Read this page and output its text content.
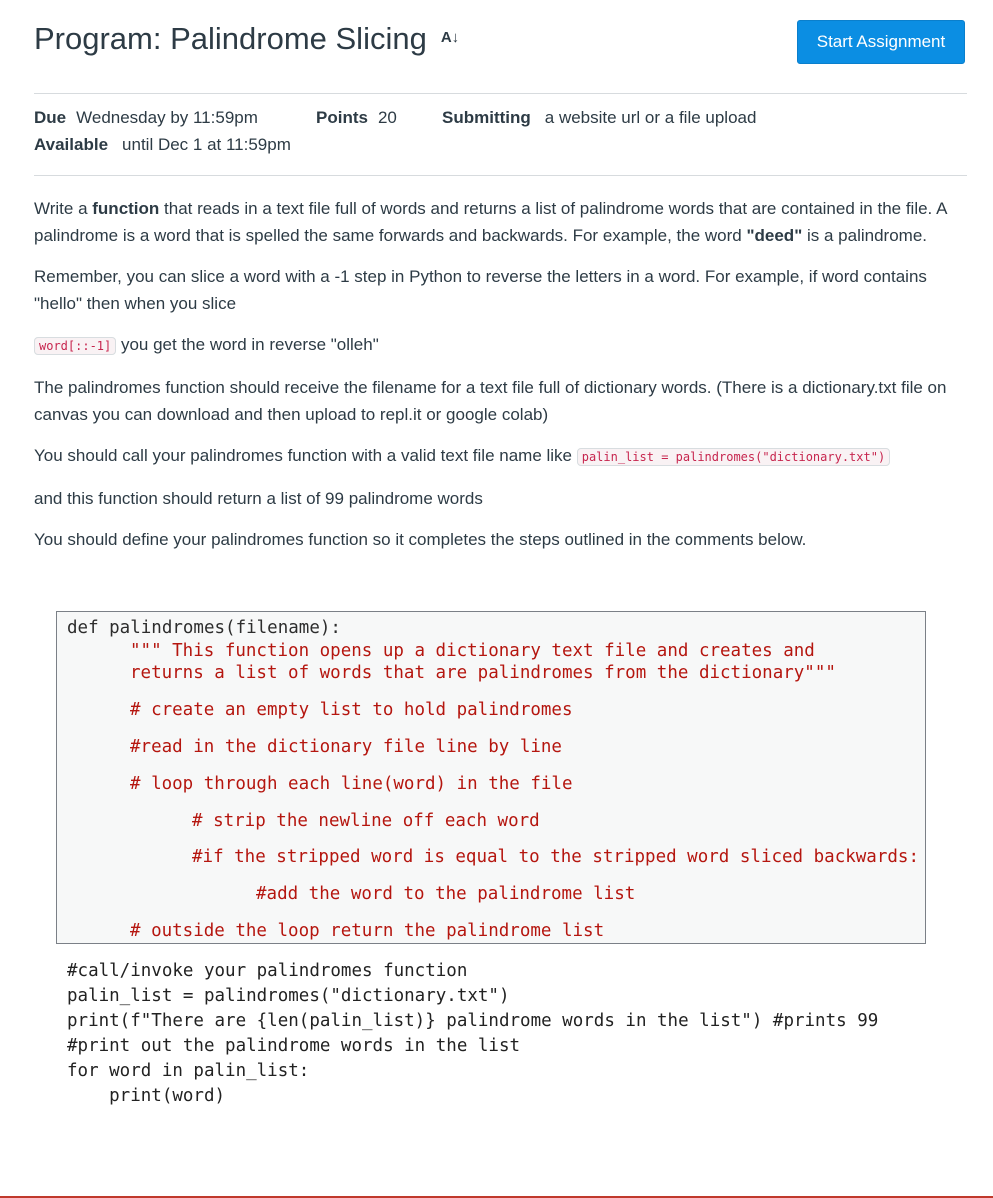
Program: Palindrome Slicing A↓	Start Assignment
Due Wednesday by 11:59pm	Points 20	Submitting a website url or a file upload
Available until Dec 1 at 11:59pm

Write a function that reads in a text file full of words and returns a list of palindrome words that are contained in the file. A palindrome is a word that is spelled the same forwards and backwards. For example, the word "deed" is a palindrome.

Remember, you can slice a word with a -1 step in Python to reverse the letters in a word. For example, if word contains "hello" then when you slice

word[::-1] you get the word in reverse "olleh"

The palindromes function should receive the filename for a text file full of dictionary words. (There is a dictionary.txt file on canvas you can download and then upload to repl.it or google colab)

You should call your palindromes function with a valid text file name like palin_list = palindromes("dictionary.txt")

and this function should return a list of 99 palindrome words

You should define your palindromes function so it completes the steps outlined in the comments below.

def palindromes(filename):
""" This function opens up a dictionary text file and creates and
returns a list of words that are palindromes from the dictionary"""
# create an empty list to hold palindromes
#read in the dictionary file line by line
# loop through each line(word) in the file
# strip the newline off each word
#if the stripped word is equal to the stripped word sliced backwards:
#add the word to the palindrome list
# outside the loop return the palindrome list
#call/invoke your palindromes function
palin_list = palindromes("dictionary.txt")
print(f"There are {len(palin_list)} palindrome words in the list") #prints 99
#print out the palindrome words in the list
for word in palin_list:
print(word)
